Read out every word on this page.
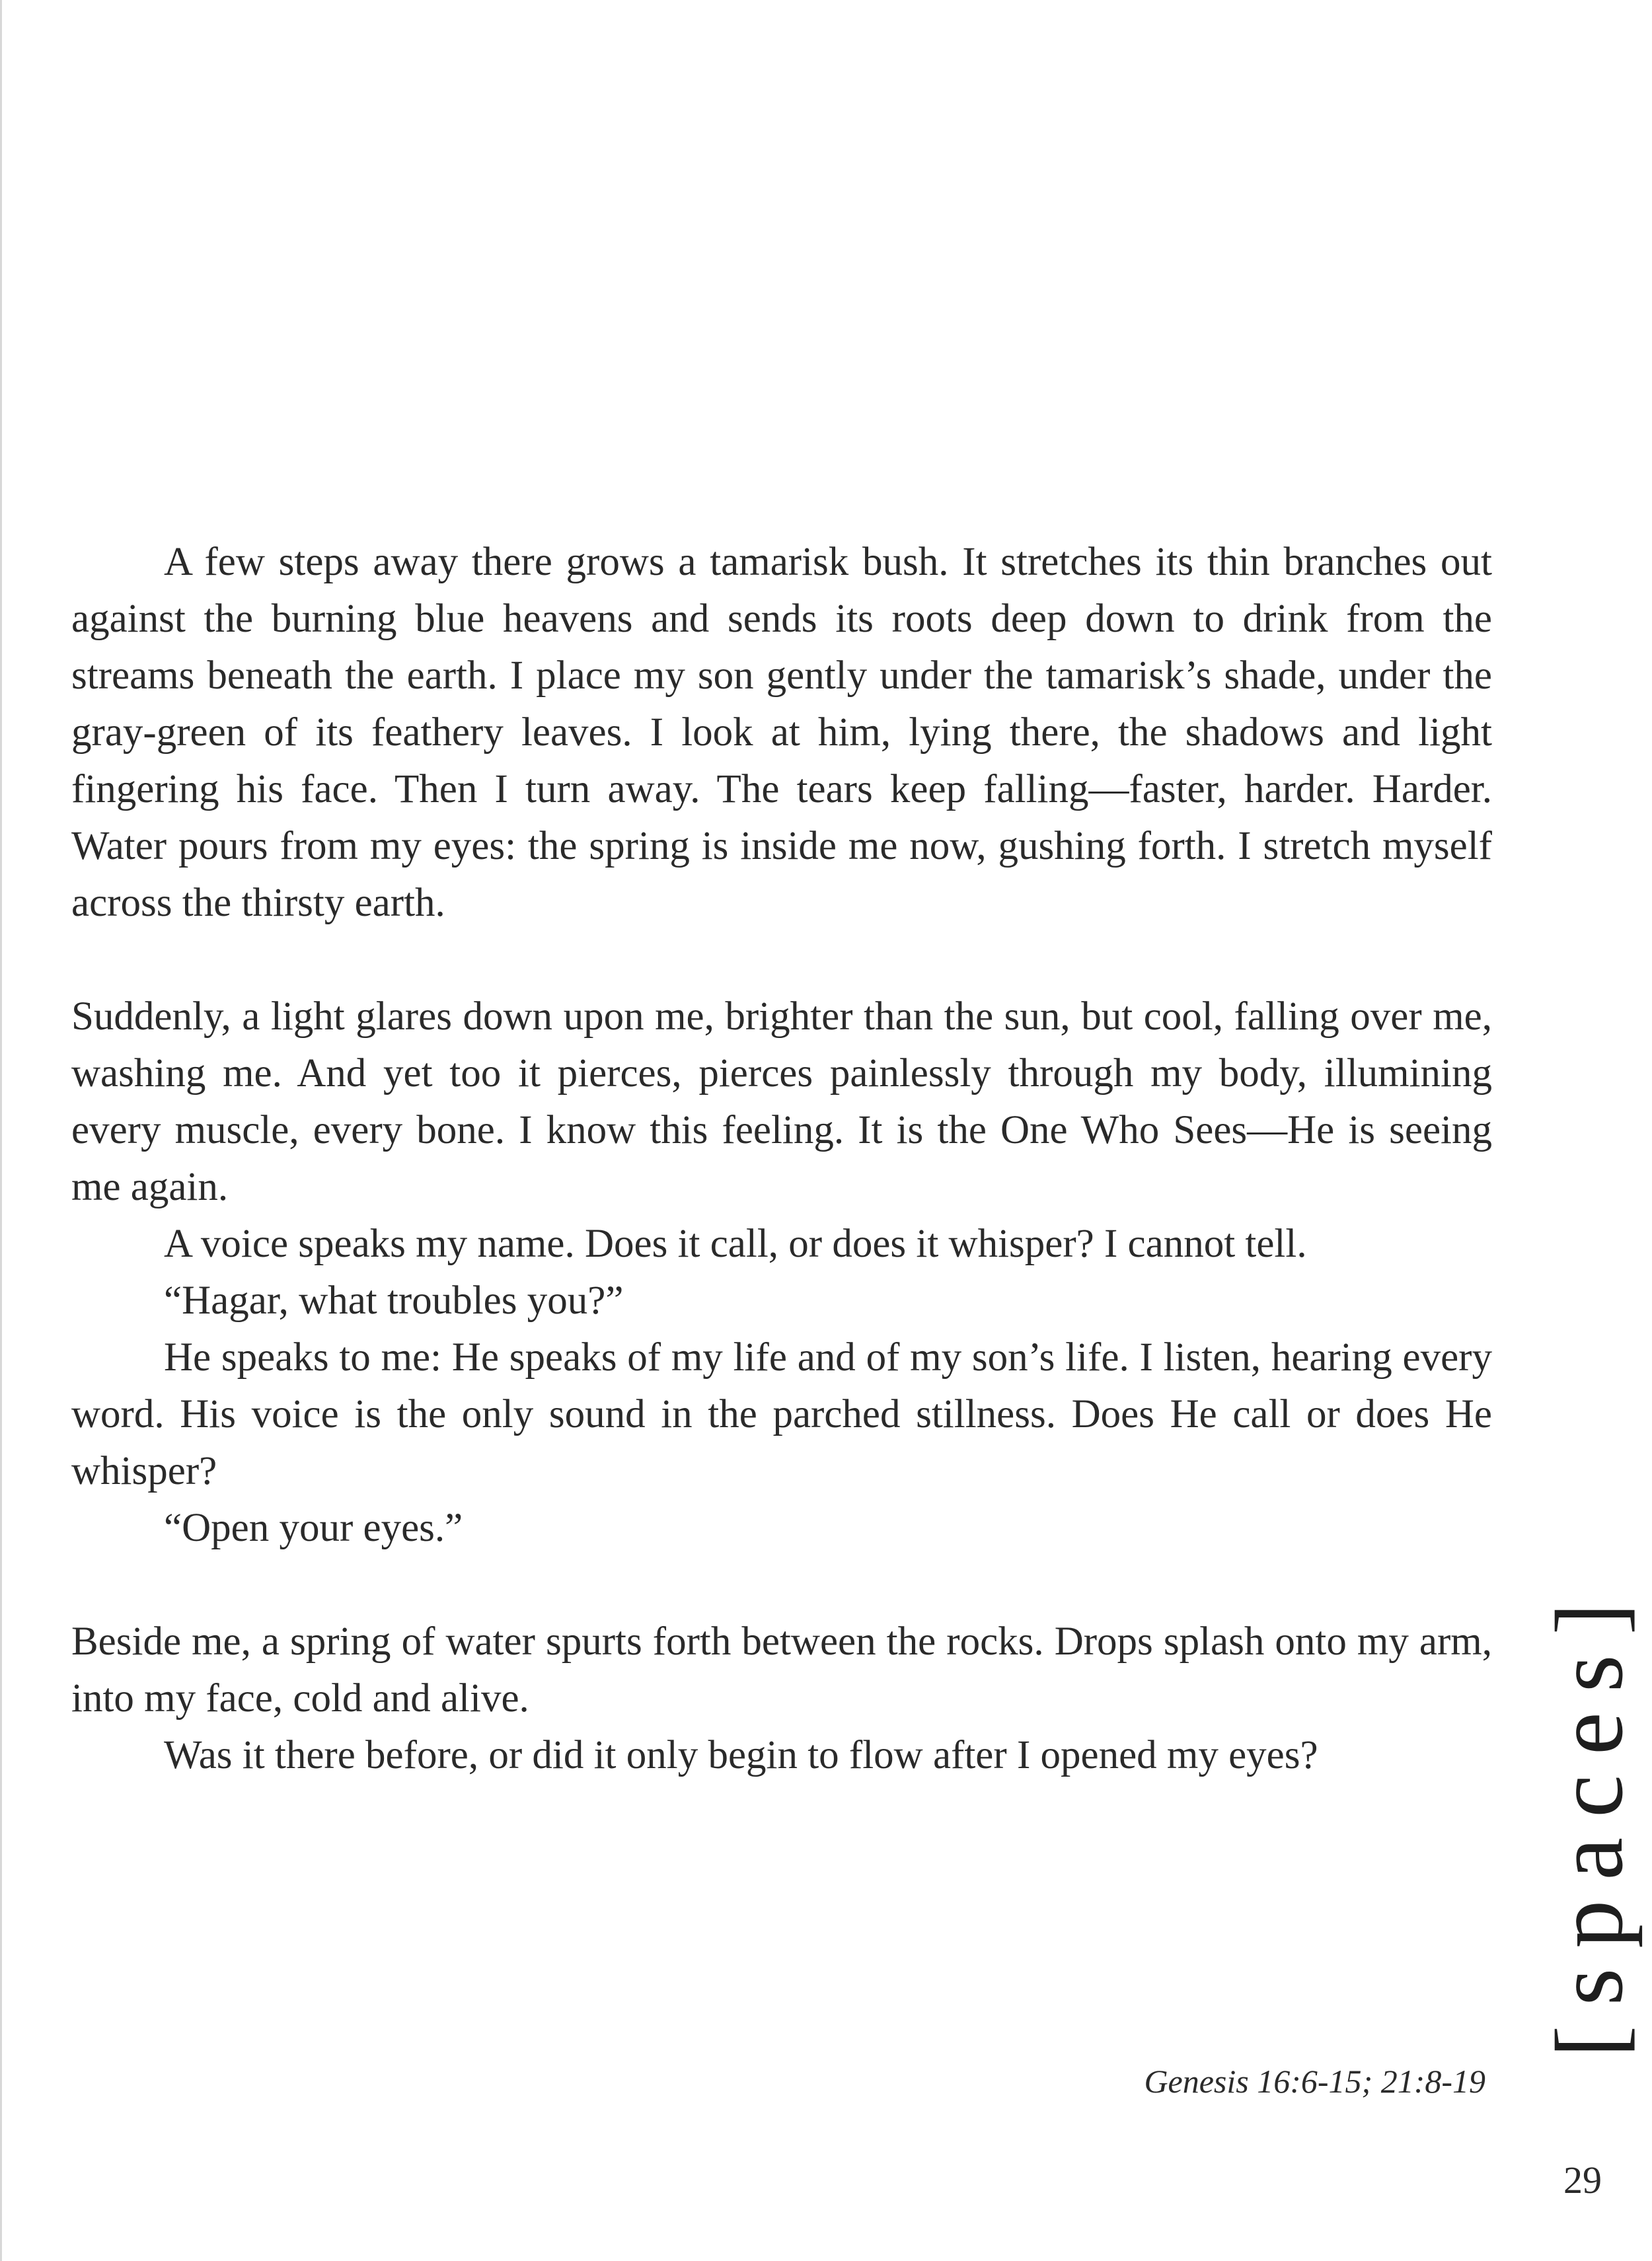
A few steps away there grows a tamarisk bush. It stretches its thin branches out against the burning blue heavens and sends its roots deep down to drink from the streams beneath the earth. I place my son gently under the tamarisk’s shade, under the gray-green of its feathery leaves. I look at him, lying there, the shadows and light fingering his face. Then I turn away. The tears keep falling—faster, harder. Harder. Water pours from my eyes: the spring is inside me now, gushing forth. I stretch myself across the thirsty earth.

Suddenly, a light glares down upon me, brighter than the sun, but cool, falling over me, washing me. And yet too it pierces, pierces painlessly through my body, illumining every muscle, every bone. I know this feeling. It is the One Who Sees—He is seeing me again.

A voice speaks my name. Does it call, or does it whisper? I cannot tell.

“Hagar, what troubles you?”

He speaks to me: He speaks of my life and of my son’s life. I listen, hearing every word. His voice is the only sound in the parched stillness. Does He call or does He whisper?

“Open your eyes.”

Beside me, a spring of water spurts forth between the rocks. Drops splash onto my arm, into my face, cold and alive.

Was it there before, or did it only begin to flow after I opened my eyes?

Genesis 16:6-15; 21:8-19
[spaces]
29
